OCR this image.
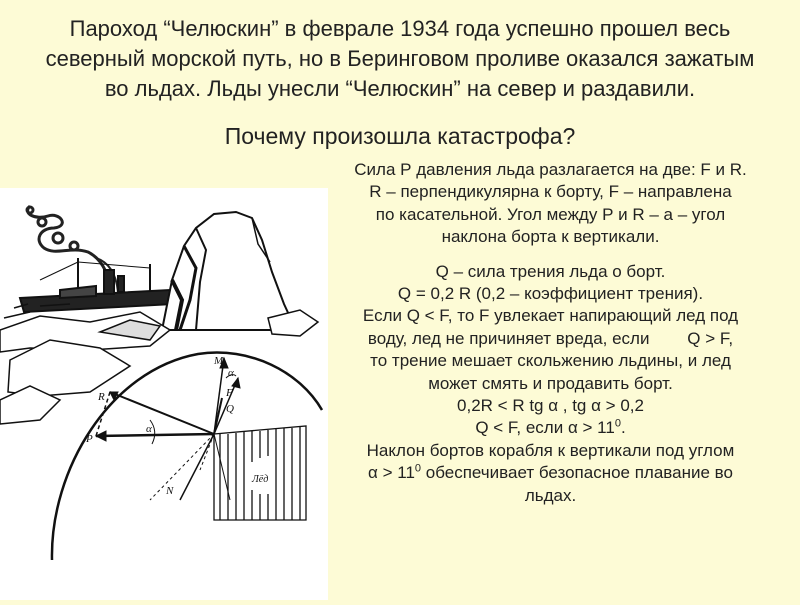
Пароход “Челюскин” в феврале 1934 года успешно прошел весь
северный морской путь, но в Беринговом проливе оказался зажатым
во льдах. Льды унесли “Челюскин” на север и раздавили.
Почему произошла катастрофа?

Сила Р давления льда разлагается на две: F и R.

R – перпендикулярна к борту, F – направлена

по касательной. Угол между Р и R – а – угол

наклона борта к вертикали.

Q – сила трения льда о борт.

Q = 0,2 R (0,2 – коэффициент трения).

Если Q < F, то F увлекает напирающий лед под

воду, лед не причиняет вреда, если        Q > F,

то трение мешает скольжению льдины, и лед

может смять и продавить борт.

0,2R < R tg α , tg α > 0,2

Q < F, если $\alpha > 11^0$.

Наклон бортов корабля к вертикали под углом

$\alpha > 11^0$ обеспечивает безопасное плавание во

льдах.

Лёд
M
α
F
R
Q
α
P
N
